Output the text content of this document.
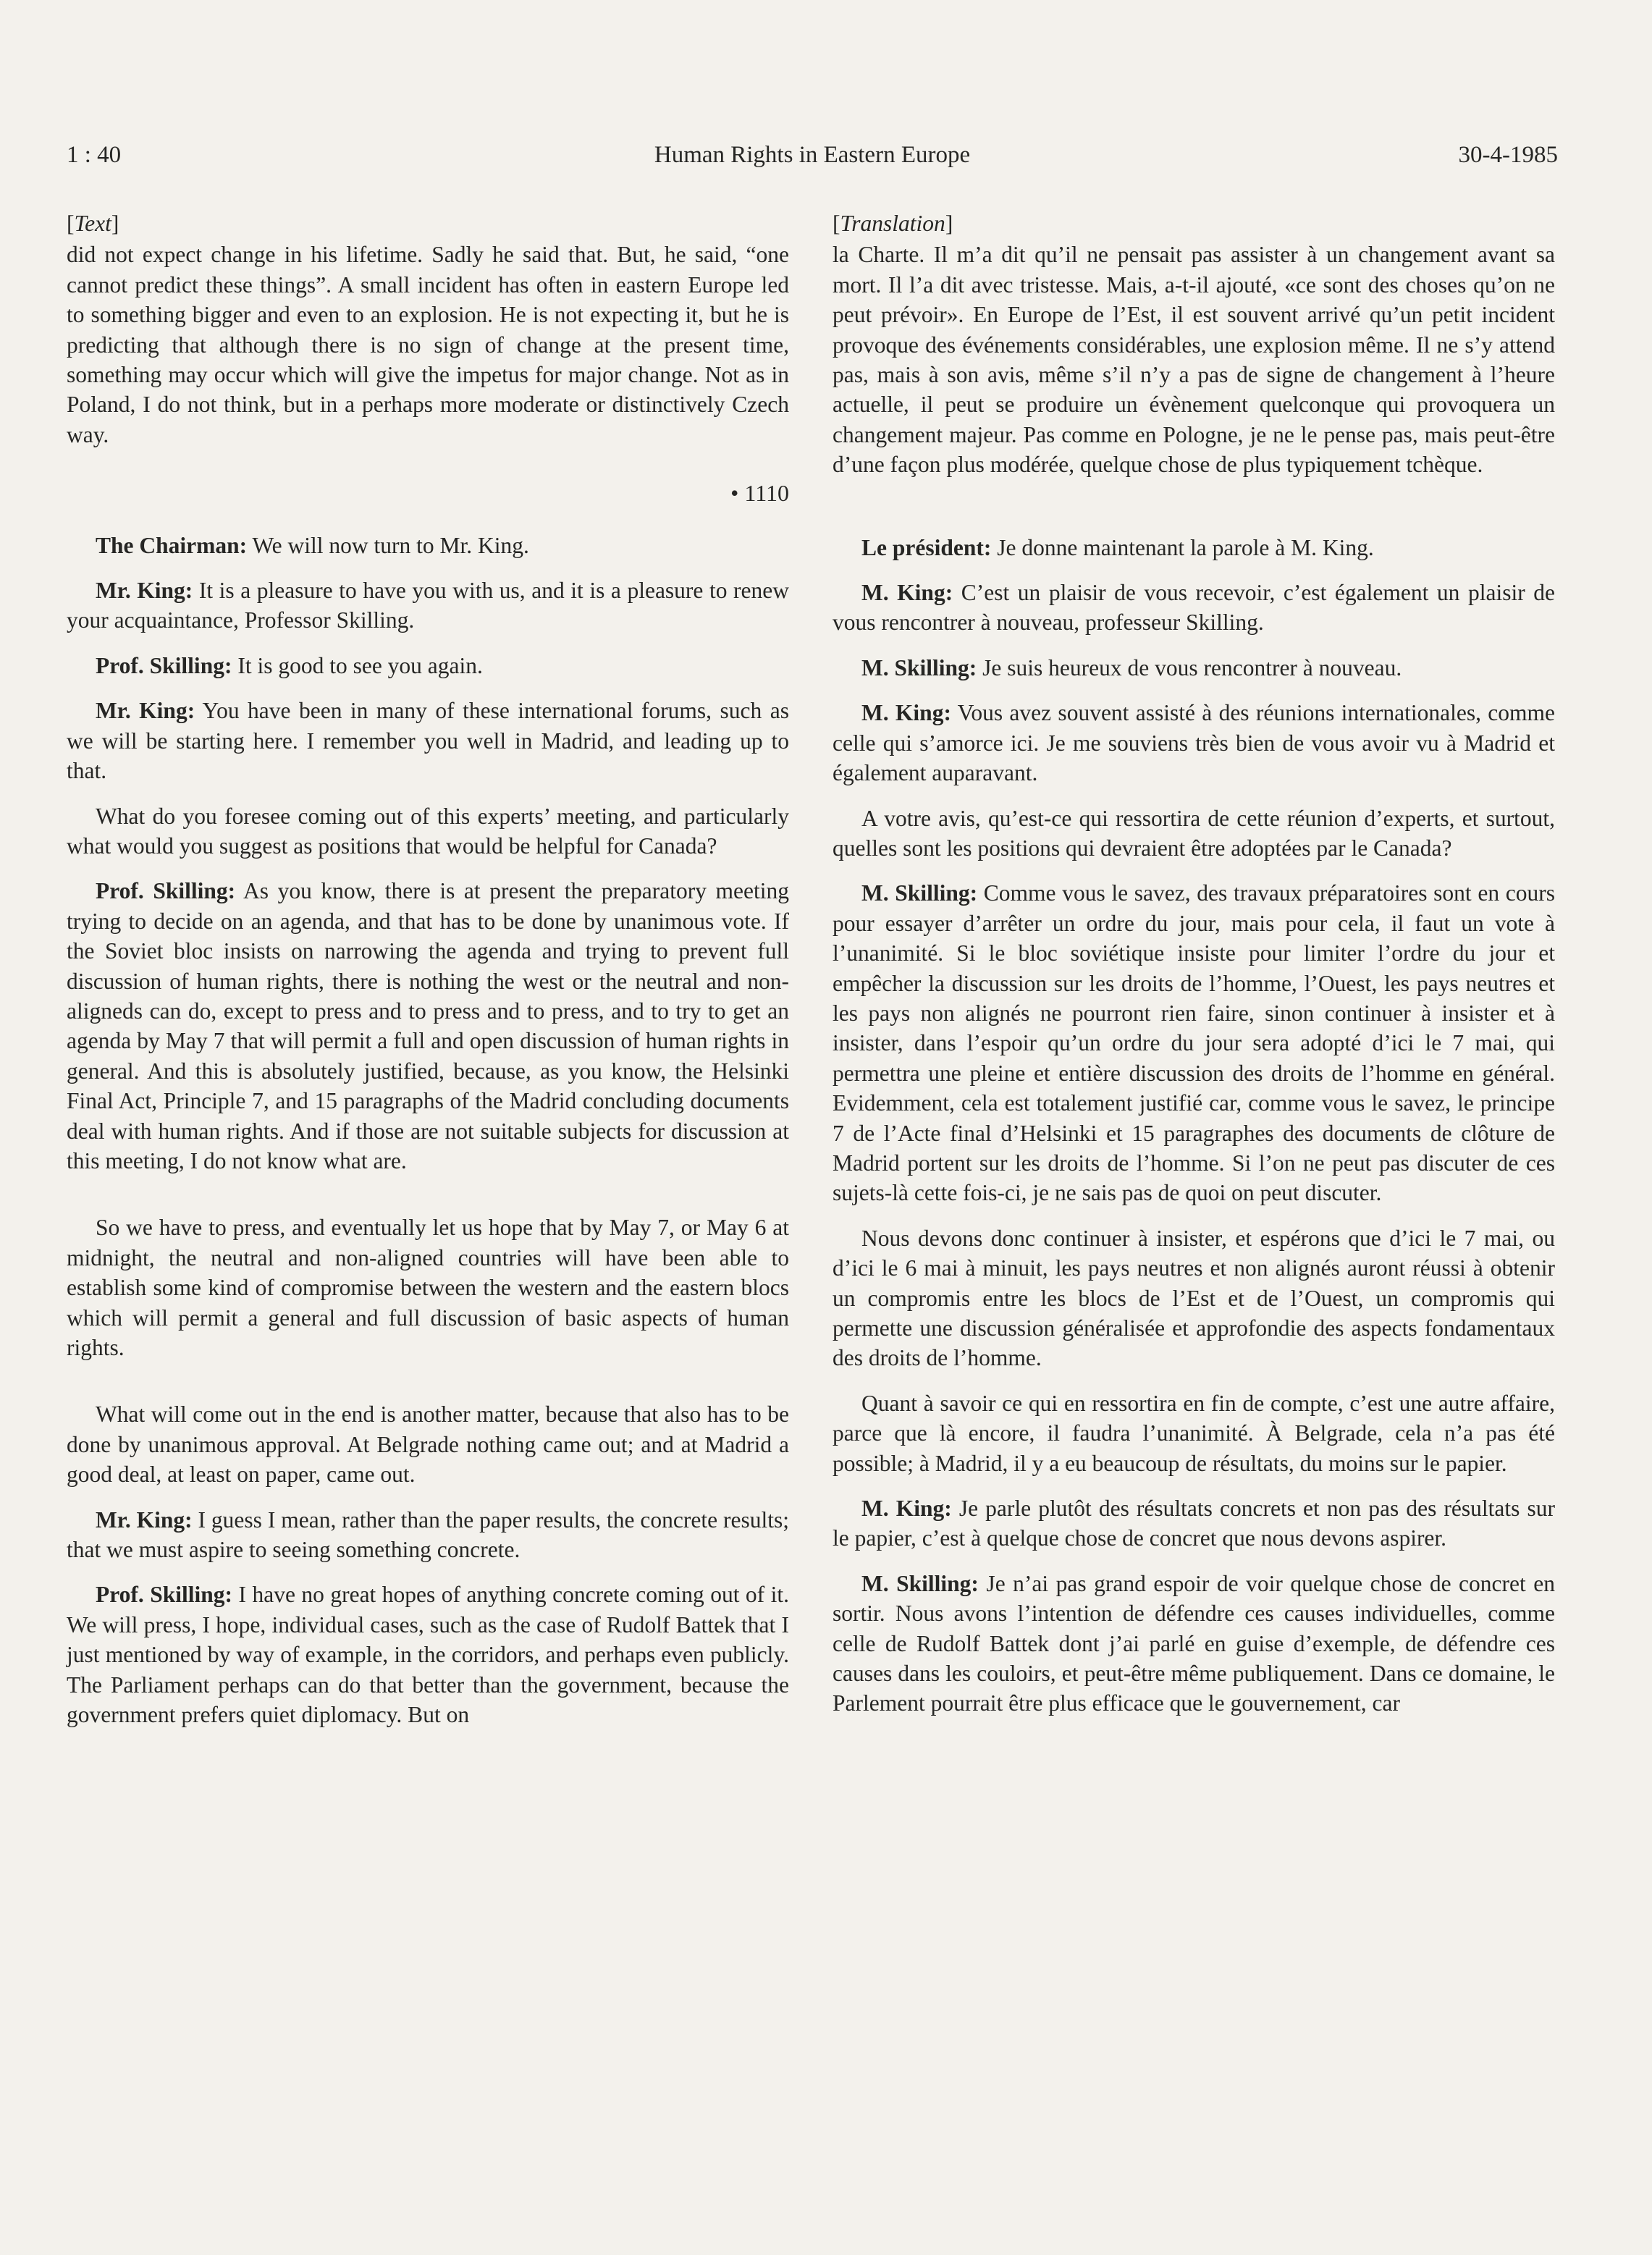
1 : 40	Human Rights in Eastern Europe	30-4-1985
[Text]

did not expect change in his lifetime. Sadly he said that. But, he said, “one cannot predict these things”. A small incident has often in eastern Europe led to something bigger and even to an explosion. He is not expecting it, but he is predicting that although there is no sign of change at the present time, something may occur which will give the impetus for major change. Not as in Poland, I do not think, but in a perhaps more moderate or distinctively Czech way.

• 1110

The Chairman: We will now turn to Mr. King.

Mr. King: It is a pleasure to have you with us, and it is a pleasure to renew your acquaintance, Professor Skilling.

Prof. Skilling: It is good to see you again.

Mr. King: You have been in many of these international forums, such as we will be starting here. I remember you well in Madrid, and leading up to that.

What do you foresee coming out of this experts’ meeting, and particularly what would you suggest as positions that would be helpful for Canada?

Prof. Skilling: As you know, there is at present the preparatory meeting trying to decide on an agenda, and that has to be done by unanimous vote. If the Soviet bloc insists on narrowing the agenda and trying to prevent full discussion of human rights, there is nothing the west or the neutral and non-aligneds can do, except to press and to press and to press, and to try to get an agenda by May 7 that will permit a full and open discussion of human rights in general. And this is absolutely justified, because, as you know, the Helsinki Final Act, Principle 7, and 15 paragraphs of the Madrid concluding documents deal with human rights. And if those are not suitable subjects for discussion at this meeting, I do not know what are.

So we have to press, and eventually let us hope that by May 7, or May 6 at midnight, the neutral and non-aligned countries will have been able to establish some kind of compromise between the western and the eastern blocs which will permit a general and full discussion of basic aspects of human rights.

What will come out in the end is another matter, because that also has to be done by unanimous approval. At Belgrade nothing came out; and at Madrid a good deal, at least on paper, came out.

Mr. King: I guess I mean, rather than the paper results, the concrete results; that we must aspire to seeing something concrete.

Prof. Skilling: I have no great hopes of anything concrete coming out of it. We will press, I hope, individual cases, such as the case of Rudolf Battek that I just mentioned by way of example, in the corridors, and perhaps even publicly. The Parliament perhaps can do that better than the government, because the government prefers quiet diplomacy. But on

[Translation]

la Charte. Il m’a dit qu’il ne pensait pas assister à un changement avant sa mort. Il l’a dit avec tristesse. Mais, a-t-il ajouté, «ce sont des choses qu’on ne peut prévoir». En Europe de l’Est, il est souvent arrivé qu’un petit incident provoque des événements considérables, une explosion même. Il ne s’y attend pas, mais à son avis, même s’il n’y a pas de signe de changement à l’heure actuelle, il peut se produire un évènement quelconque qui provoquera un changement majeur. Pas comme en Pologne, je ne le pense pas, mais peut-être d’une façon plus modérée, quelque chose de plus typiquement tchèque.

Le président: Je donne maintenant la parole à M. King.

M. King: C’est un plaisir de vous recevoir, c’est également un plaisir de vous rencontrer à nouveau, professeur Skilling.

M. Skilling: Je suis heureux de vous rencontrer à nouveau.

M. King: Vous avez souvent assisté à des réunions internationales, comme celle qui s’amorce ici. Je me souviens très bien de vous avoir vu à Madrid et également auparavant.

A votre avis, qu’est-ce qui ressortira de cette réunion d’experts, et surtout, quelles sont les positions qui devraient être adoptées par le Canada?

M. Skilling: Comme vous le savez, des travaux préparatoires sont en cours pour essayer d’arrêter un ordre du jour, mais pour cela, il faut un vote à l’unanimité. Si le bloc soviétique insiste pour limiter l’ordre du jour et empêcher la discussion sur les droits de l’homme, l’Ouest, les pays neutres et les pays non alignés ne pourront rien faire, sinon continuer à insister et à insister, dans l’espoir qu’un ordre du jour sera adopté d’ici le 7 mai, qui permettra une pleine et entière discussion des droits de l’homme en général. Evidemment, cela est totalement justifié car, comme vous le savez, le principe 7 de l’Acte final d’Helsinki et 15 paragraphes des documents de clôture de Madrid portent sur les droits de l’homme. Si l’on ne peut pas discuter de ces sujets-là cette fois-ci, je ne sais pas de quoi on peut discuter.

Nous devons donc continuer à insister, et espérons que d’ici le 7 mai, ou d’ici le 6 mai à minuit, les pays neutres et non alignés auront réussi à obtenir un compromis entre les blocs de l’Est et de l’Ouest, un compromis qui permette une discussion généralisée et approfondie des aspects fondamentaux des droits de l’homme.

Quant à savoir ce qui en ressortira en fin de compte, c’est une autre affaire, parce que là encore, il faudra l’unanimité. À Belgrade, cela n’a pas été possible; à Madrid, il y a eu beaucoup de résultats, du moins sur le papier.

M. King: Je parle plutôt des résultats concrets et non pas des résultats sur le papier, c’est à quelque chose de concret que nous devons aspirer.

M. Skilling: Je n’ai pas grand espoir de voir quelque chose de concret en sortir. Nous avons l’intention de défendre ces causes individuelles, comme celle de Rudolf Battek dont j’ai parlé en guise d’exemple, de défendre ces causes dans les couloirs, et peut-être même publiquement. Dans ce domaine, le Parlement pourrait être plus efficace que le gouvernement, car
